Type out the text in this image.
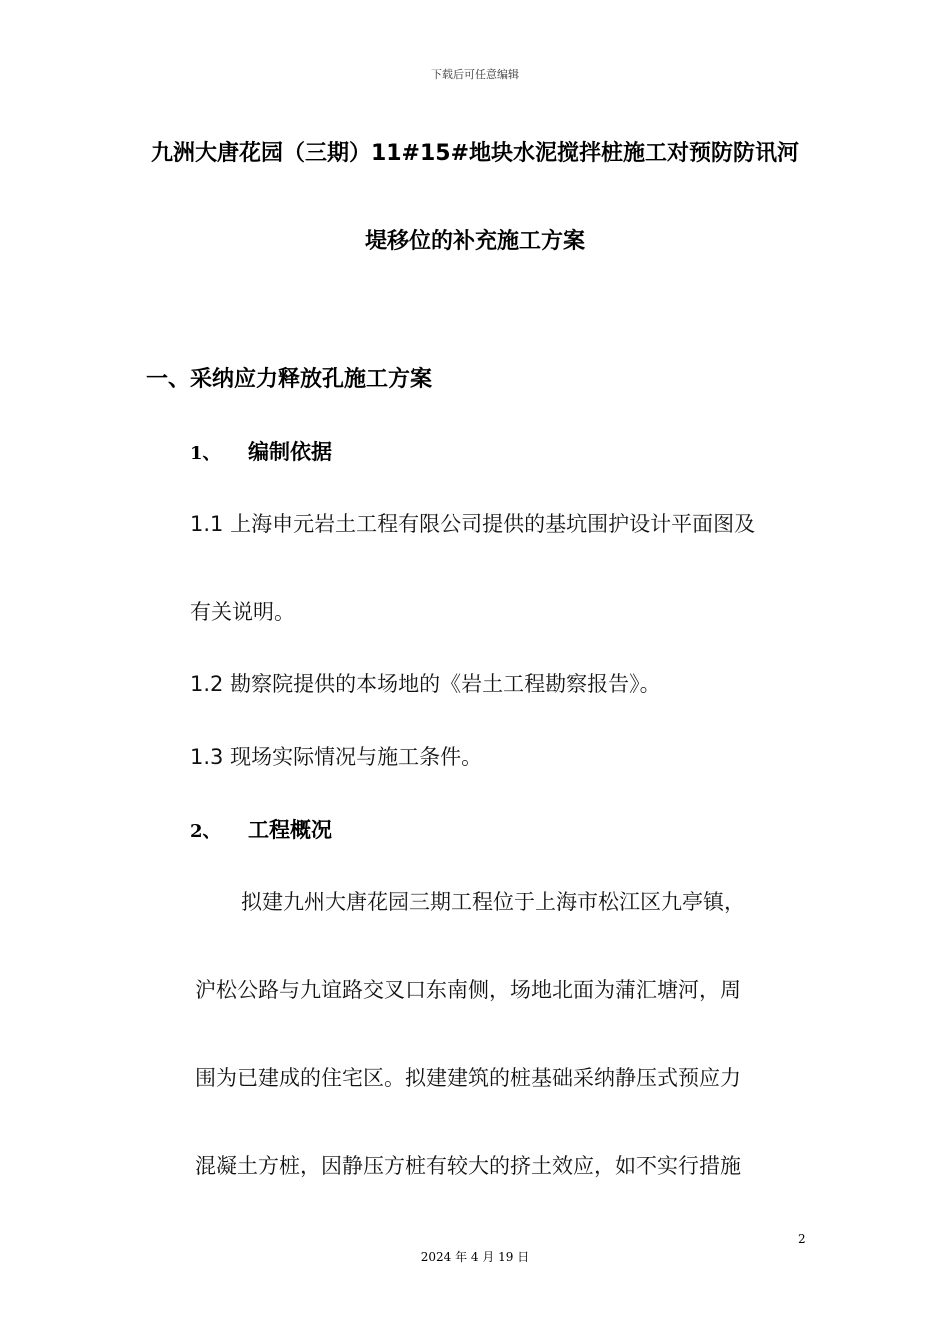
下载后可任意编辑
九洲大唐花园（三期）11#15#地块水泥搅拌桩施工对预防防讯河
堤移位的补充施工方案
一、采纳应力释放孔施工方案
1、 编制依据
1.1 上海申元岩土工程有限公司提供的基坑围护设计平面图及
有关说明。
1.2 勘察院提供的本场地的《岩土工程勘察报告》。
1.3 现场实际情况与施工条件。
2、 工程概况
拟建九州大唐花园三期工程位于上海市松江区九亭镇，
沪松公路与九谊路交叉口东南侧，场地北面为蒲汇塘河，周
围为已建成的住宅区。拟建建筑的桩基础采纳静压式预应力
混凝土方桩，因静压方桩有较大的挤土效应，如不实行措施
2
2024 年 4 月 19 日
